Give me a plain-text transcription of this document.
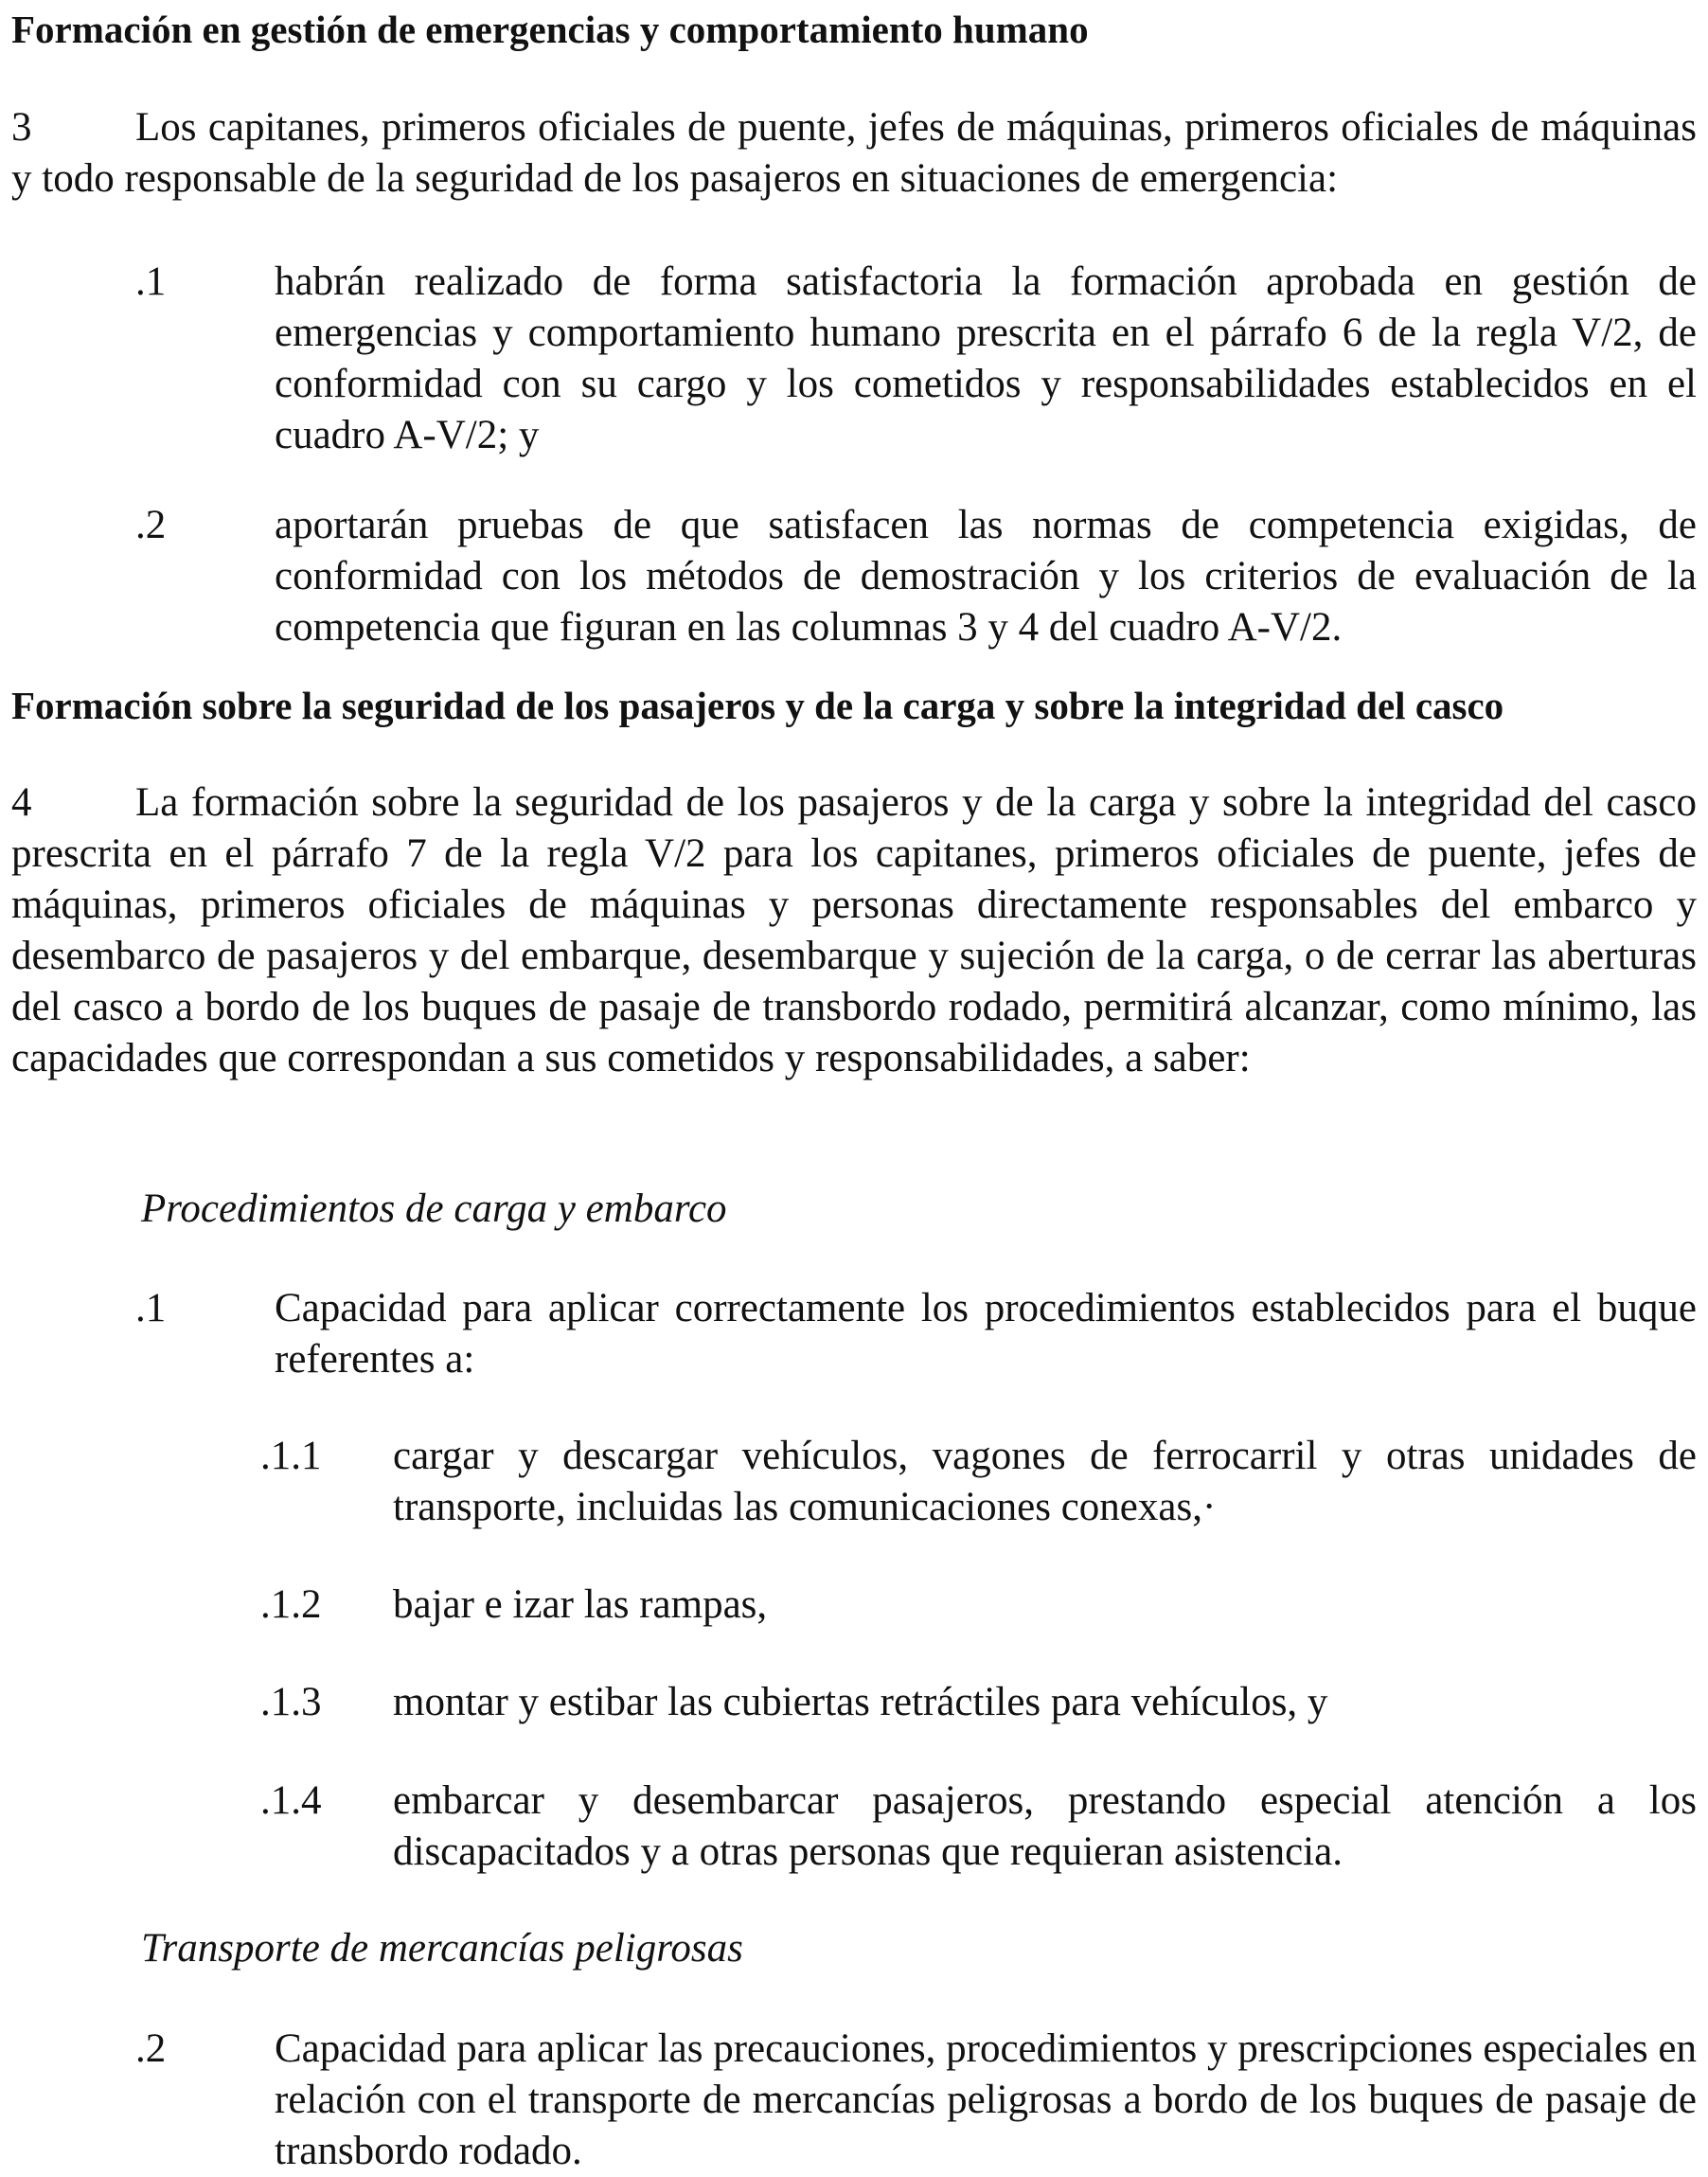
Formación en gestión de emergencias y comportamiento humano
3	Los capitanes, primeros oficiales de puente, jefes de máquinas, primeros oficiales de máquinas y todo responsable de la seguridad de los pasajeros en situaciones de emergencia:
.1	habrán realizado de forma satisfactoria la formación aprobada en gestión de emergencias y comportamiento humano prescrita en el párrafo 6 de la regla V/2, de conformidad con su cargo y los cometidos y responsabilidades establecidos en el cuadro A-V/2; y
.2	aportarán pruebas de que satisfacen las normas de competencia exigidas, de conformidad con los métodos de demostración y los criterios de evaluación de la competencia que figuran en las columnas 3 y 4 del cuadro A-V/2.
Formación sobre la seguridad de los pasajeros y de la carga y sobre la integridad del casco
4	La formación sobre la seguridad de los pasajeros y de la carga y sobre la integridad del casco prescrita en el párrafo 7 de la regla V/2 para los capitanes, primeros oficiales de puente, jefes de máquinas, primeros oficiales de máquinas y personas directamente responsables del embarco y desembarco de pasajeros y del embarque, desembarque y sujeción de la carga, o de cerrar las aberturas del casco a bordo de los buques de pasaje de transbordo rodado, permitirá alcanzar, como mínimo, las capacidades que correspondan a sus cometidos y responsabilidades, a saber:
Procedimientos de carga y embarco
.1	Capacidad para aplicar correctamente los procedimientos establecidos para el buque referentes a:
.1.1 cargar y descargar vehículos, vagones de ferrocarril y otras unidades de transporte, incluidas las comunicaciones conexas,·
.1.2 bajar e izar las rampas,
.1.3 montar y estibar las cubiertas retráctiles para vehículos, y
.1.4 embarcar y desembarcar pasajeros, prestando especial atención a los discapacitados y a otras personas que requieran asistencia.
Transporte de mercancías peligrosas
.2	Capacidad para aplicar las precauciones, procedimientos y prescripciones especiales en relación con el transporte de mercancías peligrosas a bordo de los buques de pasaje de transbordo rodado.
